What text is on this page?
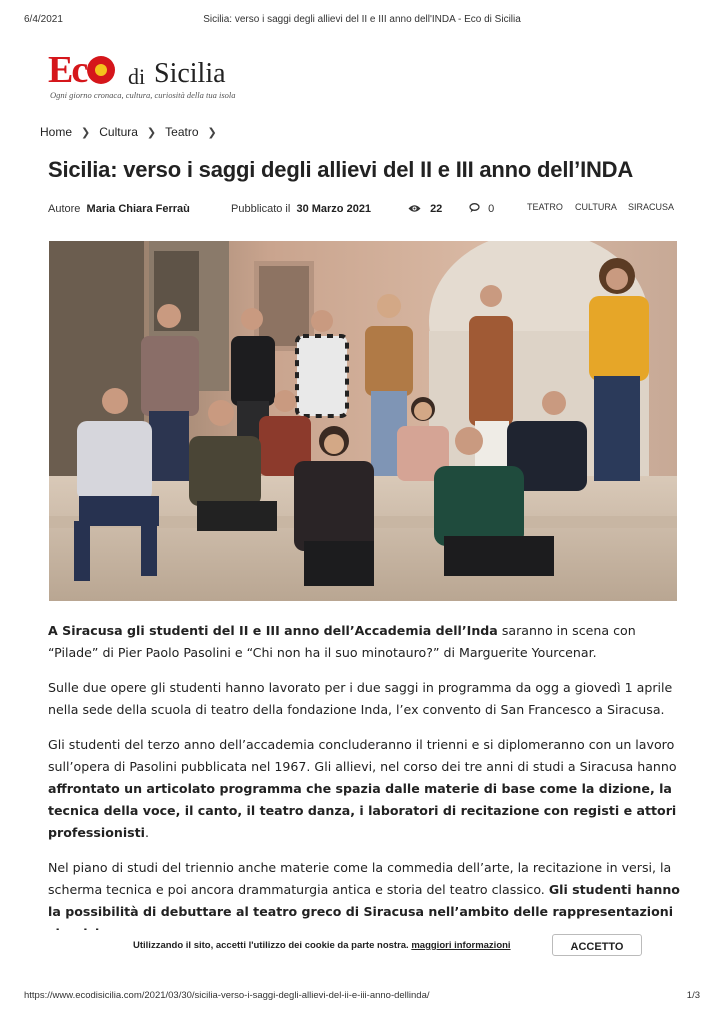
6/4/2021	Sicilia: verso i saggi degli allievi del II e III anno dell'INDA - Eco di Sicilia
Ec	di Sicilia
Ogni giorno cronaca, cultura, curiosità della tua isola
Home ❯ Cultura ❯ Teatro ❯
Sicilia: verso i saggi degli allievi del II e III anno dell’INDA
Autore Maria Chiara Ferraù	Pubblicato il 30 Marzo 2021	22	0	TEATRO CULTURA SIRACUSA

A Siracusa gli studenti del II e III anno dell’Accademia dell’Inda saranno in scena con “Pilade” di Pier Paolo Pasolini e “Chi non ha il suo minotauro?” di Marguerite Yourcenar.

Sulle due opere gli studenti hanno lavorato per i due saggi in programma da ogg a giovedì 1 aprile nella sede della scuola di teatro della fondazione Inda, l’ex convento di San Francesco a Siracusa.

Gli studenti del terzo anno dell’accademia concluderanno il trienni e si diplomeranno con un lavoro sull’opera di Pasolini pubblicata nel 1967. Gli allievi, nel corso dei tre anni di studi a Siracusa hanno affrontato un articolato programma che spazia dalle materie di base come la dizione, la tecnica della voce, il canto, il teatro danza, i laboratori di recitazione con registi e attori professionisti.

Nel piano di studi del triennio anche materie come la commedia dell’arte, la recitazione in versi, la scherma tecnica e poi ancora drammaturgia antica e storia del teatro classico. Gli studenti hanno la possibilità di debuttare al teatro greco di Siracusa nell’ambito delle rappresentazioni

Utilizzando il sito, accetti l'utilizzo dei cookie da parte nostra. maggiori informazioni	ACCETTO
https://www.ecodisicilia.com/2021/03/30/sicilia-verso-i-saggi-degli-allievi-del-ii-e-iii-anno-dellinda/	1/3
